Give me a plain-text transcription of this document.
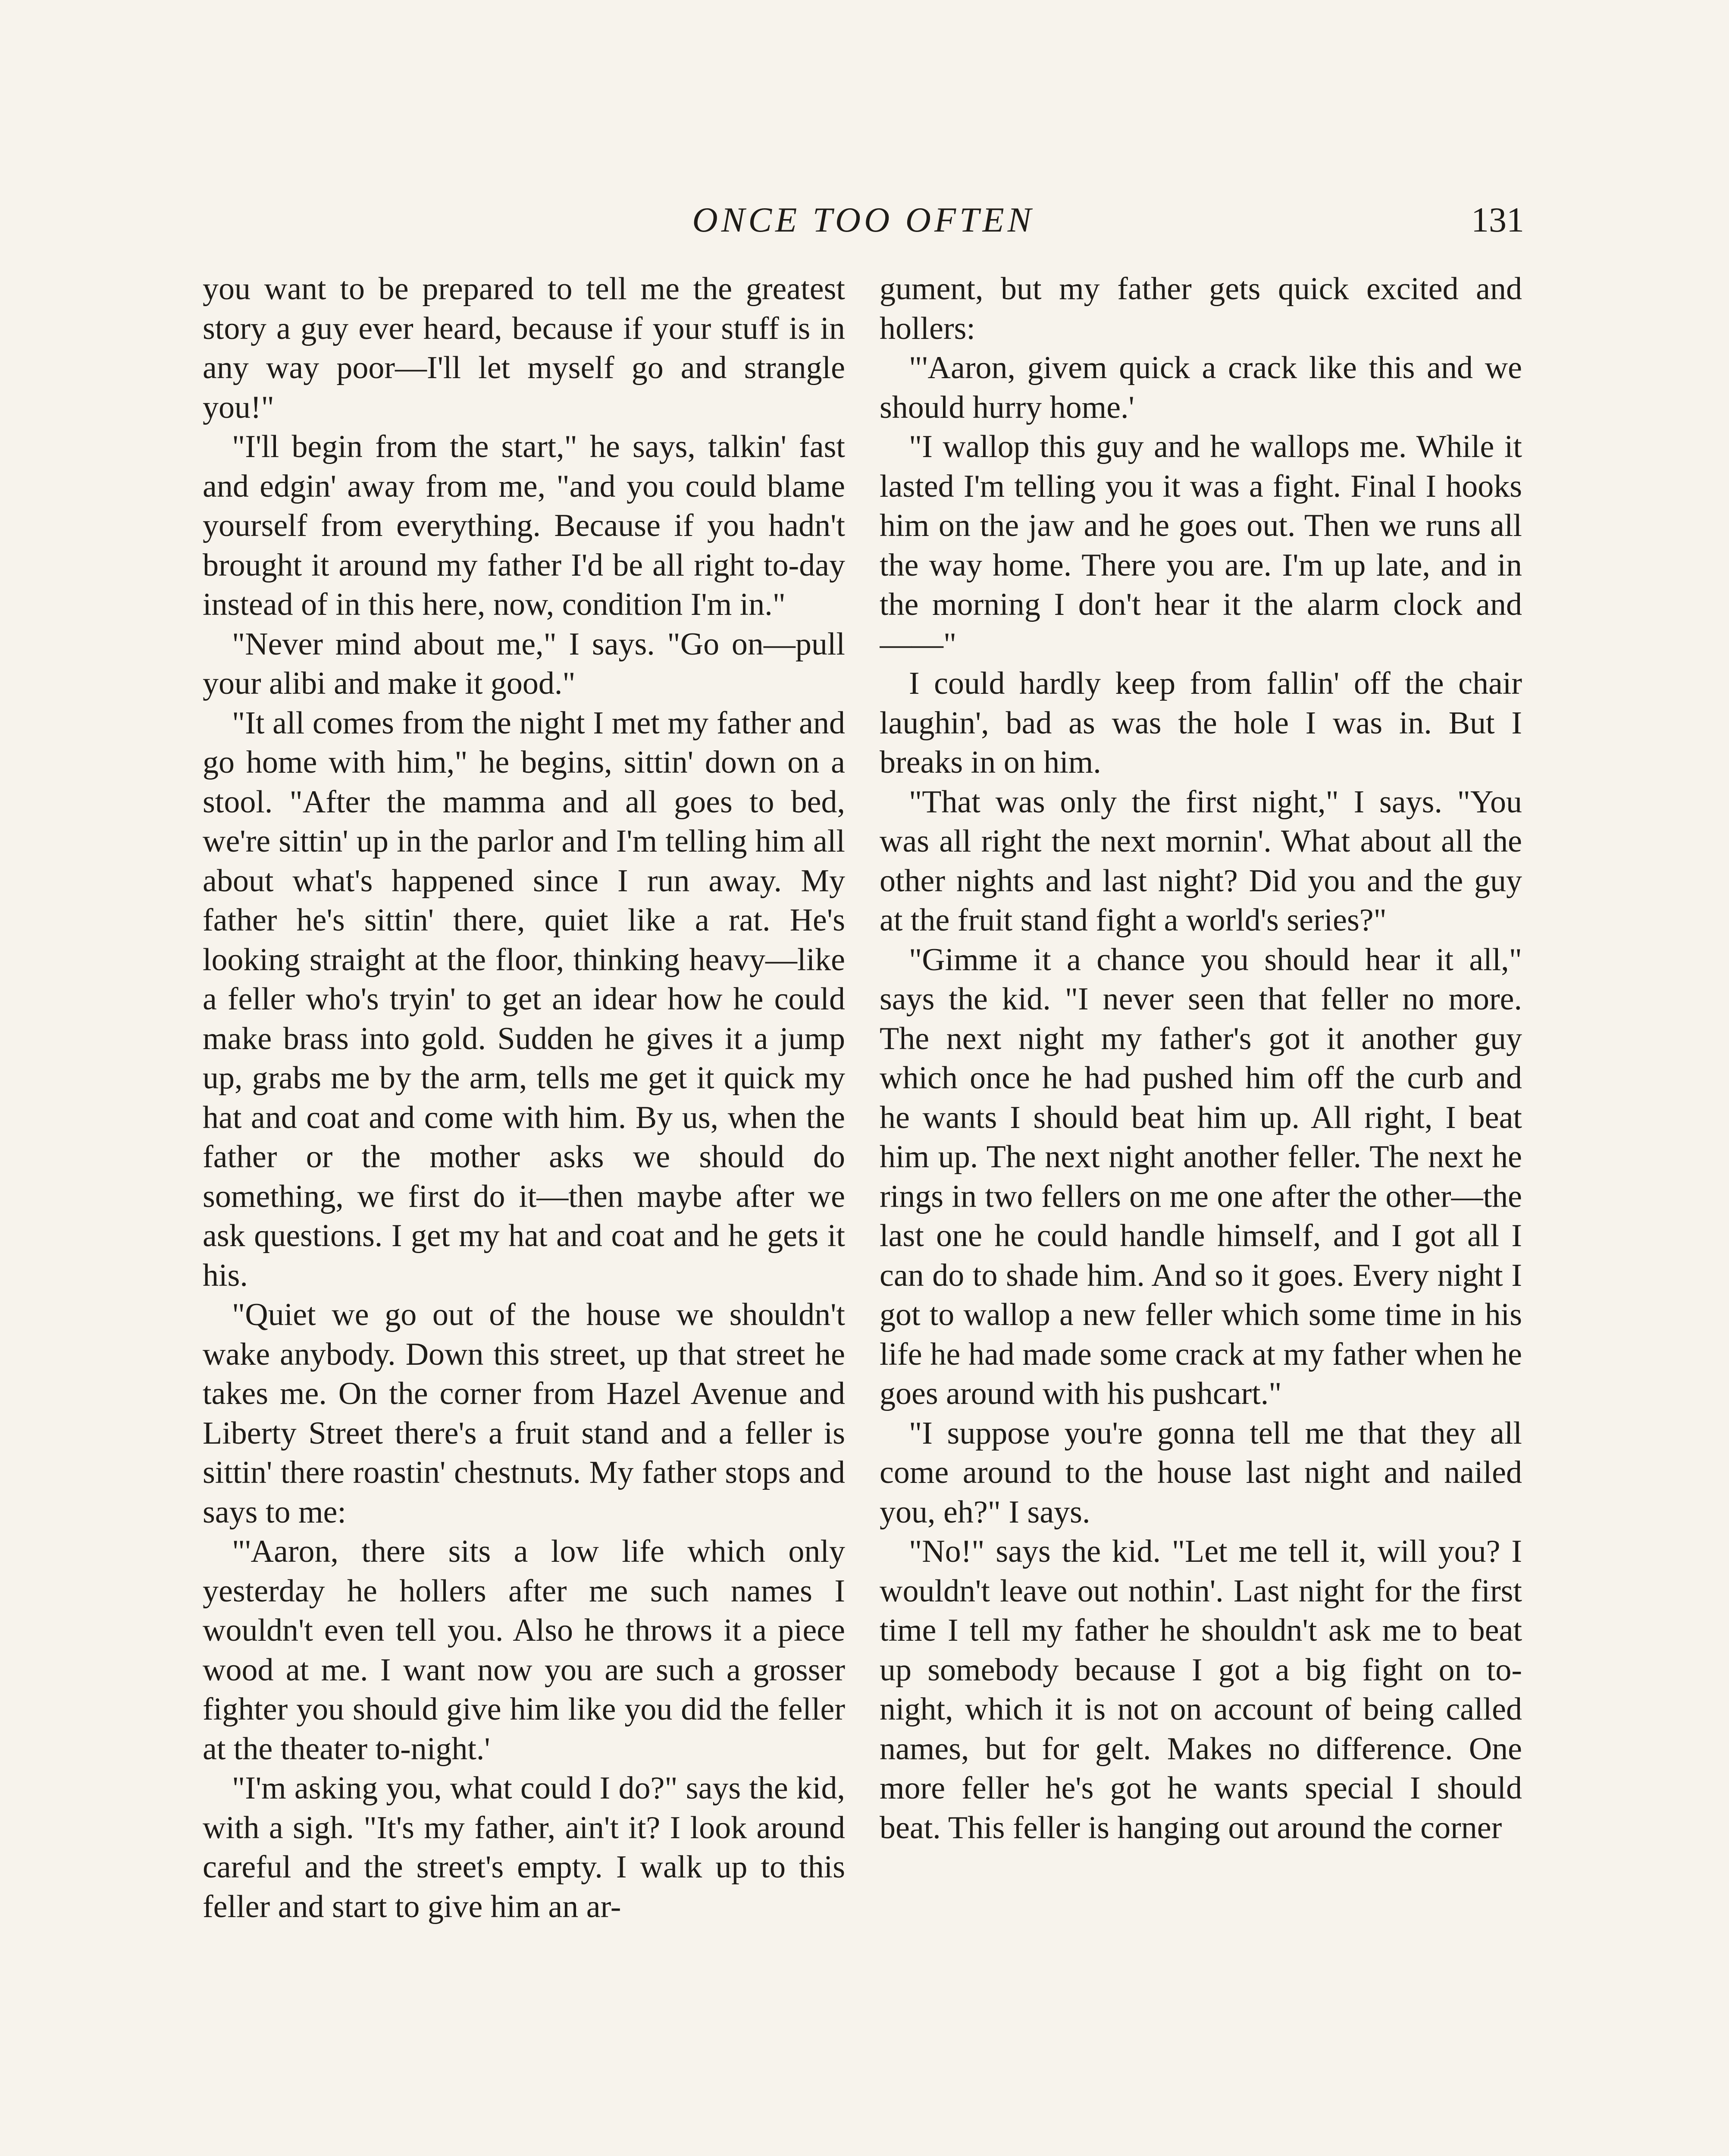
ONCE TOO OFTEN	131

you want to be prepared to tell me the greatest story a guy ever heard, because if your stuff is in any way poor—I'll let myself go and strangle you!"

"I'll begin from the start," he says, talkin' fast and edgin' away from me, "and you could blame yourself from everything. Because if you hadn't brought it around my father I'd be all right to-day instead of in this here, now, condition I'm in."

"Never mind about me," I says. "Go on—pull your alibi and make it good."

"It all comes from the night I met my father and go home with him," he begins, sittin' down on a stool. "After the mamma and all goes to bed, we're sittin' up in the parlor and I'm telling him all about what's happened since I run away. My father he's sittin' there, quiet like a rat. He's looking straight at the floor, thinking heavy—like a feller who's tryin' to get an idear how he could make brass into gold. Sudden he gives it a jump up, grabs me by the arm, tells me get it quick my hat and coat and come with him. By us, when the father or the mother asks we should do something, we first do it—then maybe after we ask questions. I get my hat and coat and he gets it his.

"Quiet we go out of the house we shouldn't wake anybody. Down this street, up that street he takes me. On the corner from Hazel Avenue and Liberty Street there's a fruit stand and a feller is sittin' there roastin' chestnuts. My father stops and says to me:

"'Aaron, there sits a low life which only yesterday he hollers after me such names I wouldn't even tell you. Also he throws it a piece wood at me. I want now you are such a grosser fighter you should give him like you did the feller at the theater to-night.'

"I'm asking you, what could I do?" says the kid, with a sigh. "It's my father, ain't it? I look around careful and the street's empty. I walk up to this feller and start to give him an ar-

gument, but my father gets quick excited and hollers:

"'Aaron, givem quick a crack like this and we should hurry home.'

"I wallop this guy and he wallops me. While it lasted I'm telling you it was a fight. Final I hooks him on the jaw and he goes out. Then we runs all the way home. There you are. I'm up late, and in the morning I don't hear it the alarm clock and——"

I could hardly keep from fallin' off the chair laughin', bad as was the hole I was in. But I breaks in on him.

"That was only the first night," I says. "You was all right the next mornin'. What about all the other nights and last night? Did you and the guy at the fruit stand fight a world's series?"

"Gimme it a chance you should hear it all," says the kid. "I never seen that feller no more. The next night my father's got it another guy which once he had pushed him off the curb and he wants I should beat him up. All right, I beat him up. The next night another feller. The next he rings in two fellers on me one after the other—the last one he could handle himself, and I got all I can do to shade him. And so it goes. Every night I got to wallop a new feller which some time in his life he had made some crack at my father when he goes around with his pushcart."

"I suppose you're gonna tell me that they all come around to the house last night and nailed you, eh?" I says.

"No!" says the kid. "Let me tell it, will you? I wouldn't leave out nothin'. Last night for the first time I tell my father he shouldn't ask me to beat up somebody because I got a big fight on to-night, which it is not on account of being called names, but for gelt. Makes no difference. One more feller he's got he wants special I should beat. This feller is hanging out around the corner
